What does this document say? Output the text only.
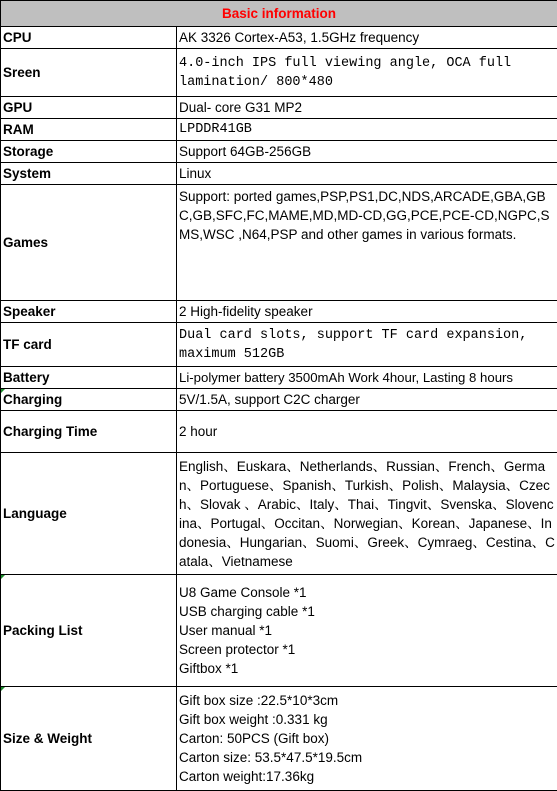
Basic information	
CPU	AK 3326 Cortex-A53, 1.5GHz frequency
Sreen	4.0-inch IPS full viewing angle, OCA full lamination/ 800*480
GPU	Dual- core G31 MP2
RAM	LPDDR41GB
Storage	Support 64GB-256GB
System	Linux
Games	Support: ported games,PSP,PS1,DC,NDS,ARCADE,GBA,GBC,GB,SFC,FC,MAME,MD,MD-CD,GG,PCE,PCE-CD,NGPC,SMS,WSC ,N64,PSP and other games in various formats.
Speaker	2 High-fidelity speaker
TF card	Dual card slots, support TF card expansion, maximum 512GB
Battery	Li-polymer battery 3500mAh Work 4hour, Lasting 8 hours
Charging	5V/1.5A, support C2C charger
Charging Time	2 hour
Language	English、Euskara、Netherlands、Russian、French、German、Portuguese、Spanish、Turkish、Polish、Malaysia、Czech、Slovak 、Arabic、Italy、Thai、Tingvit、Svenska、Slovencina、Portugal、Occitan、Norwegian、Korean、Japanese、Indonesia、Hungarian、Suomi、Greek、Cymraeg、Cestina、Catala、Vietnamese
Packing List	U8 Game Console *1
USB charging cable *1
User manual *1
Screen protector *1
Giftbox *1

Size & Weight	Gift box size :22.5*10*3cm
Gift box weight :0.331 kg
Carton: 50PCS (Gift box)
Carton size: 53.5*47.5*19.5cm
Carton weight:17.36kg
